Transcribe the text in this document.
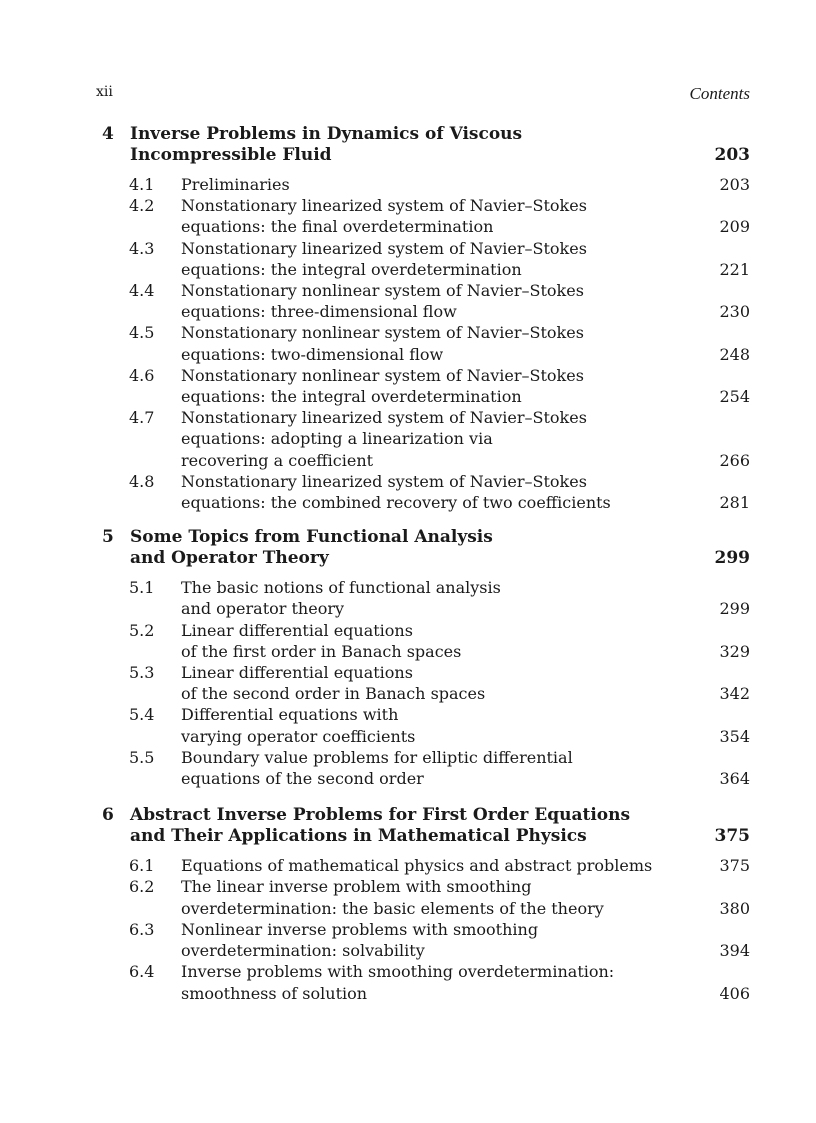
xii	Contents
4 Inverse Problems in Dynamics of Viscous
Incompressible Fluid	203
4.1 Preliminaries	203
4.2 Nonstationary linearized system of Navier–Stokes
equations: the final overdetermination	209
4.3 Nonstationary linearized system of Navier–Stokes
equations: the integral overdetermination	221
4.4 Nonstationary nonlinear system of Navier–Stokes
equations: three-dimensional flow	230
4.5 Nonstationary nonlinear system of Navier–Stokes
equations: two-dimensional flow	248
4.6 Nonstationary nonlinear system of Navier–Stokes
equations: the integral overdetermination	254
4.7 Nonstationary linearized system of Navier–Stokes
equations: adopting a linearization via
recovering a coefficient	266
4.8 Nonstationary linearized system of Navier–Stokes
equations: the combined recovery of two coefficients	281
5 Some Topics from Functional Analysis
and Operator Theory	299
5.1 The basic notions of functional analysis
and operator theory	299
5.2 Linear differential equations
of the first order in Banach spaces	329
5.3 Linear differential equations
of the second order in Banach spaces	342
5.4 Differential equations with
varying operator coefficients	354
5.5 Boundary value problems for elliptic differential
equations of the second order	364
6 Abstract Inverse Problems for First Order Equations
and Their Applications in Mathematical Physics	375
6.1 Equations of mathematical physics and abstract problems	375
6.2 The linear inverse problem with smoothing
overdetermination: the basic elements of the theory	380
6.3 Nonlinear inverse problems with smoothing
overdetermination: solvability	394
6.4 Inverse problems with smoothing overdetermination:
smoothness of solution	406
